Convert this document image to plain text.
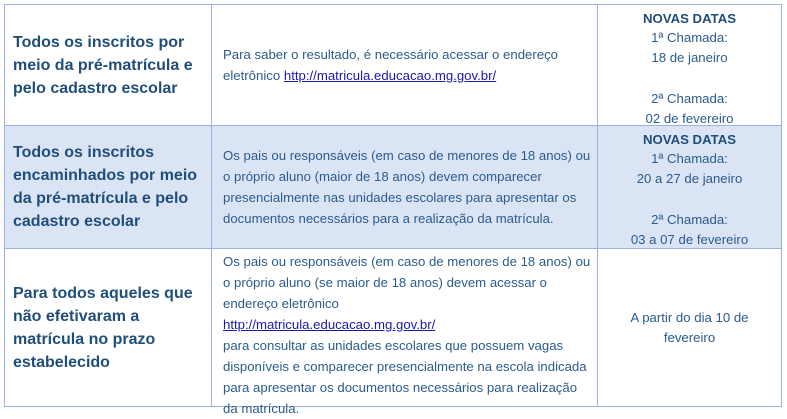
Todos os inscritos por meio da pré-matrícula e pelo cadastro escolar
Para saber o resultado, é necessário acessar o endereço eletrônico http://matricula.educacao.mg.gov.br/
NOVAS DATAS
1ª Chamada:
18 de janeiro
2ª Chamada:
02 de fevereiro
Todos os inscritos encaminhados por meio da pré-matrícula e pelo cadastro escolar
Os pais ou responsáveis (em caso de menores de 18 anos) ou o próprio aluno (maior de 18 anos) devem comparecer presencialmente nas unidades escolares para apresentar os documentos necessários para a realização da matrícula.
NOVAS DATAS
1ª Chamada:
20 a 27 de janeiro
2ª Chamada:
03 a 07 de fevereiro
Para todos aqueles que não efetivaram a matrícula no prazo estabelecido
Os pais ou responsáveis (em caso de menores de 18 anos) ou o próprio aluno (se maior de 18 anos) devem acessar o endereço eletrônico
http://matricula.educacao.mg.gov.br/
para consultar as unidades escolares que possuem vagas disponíveis e comparecer presencialmente na escola indicada para apresentar os documentos necessários para realização da matrícula.
A partir do dia 10 de fevereiro
